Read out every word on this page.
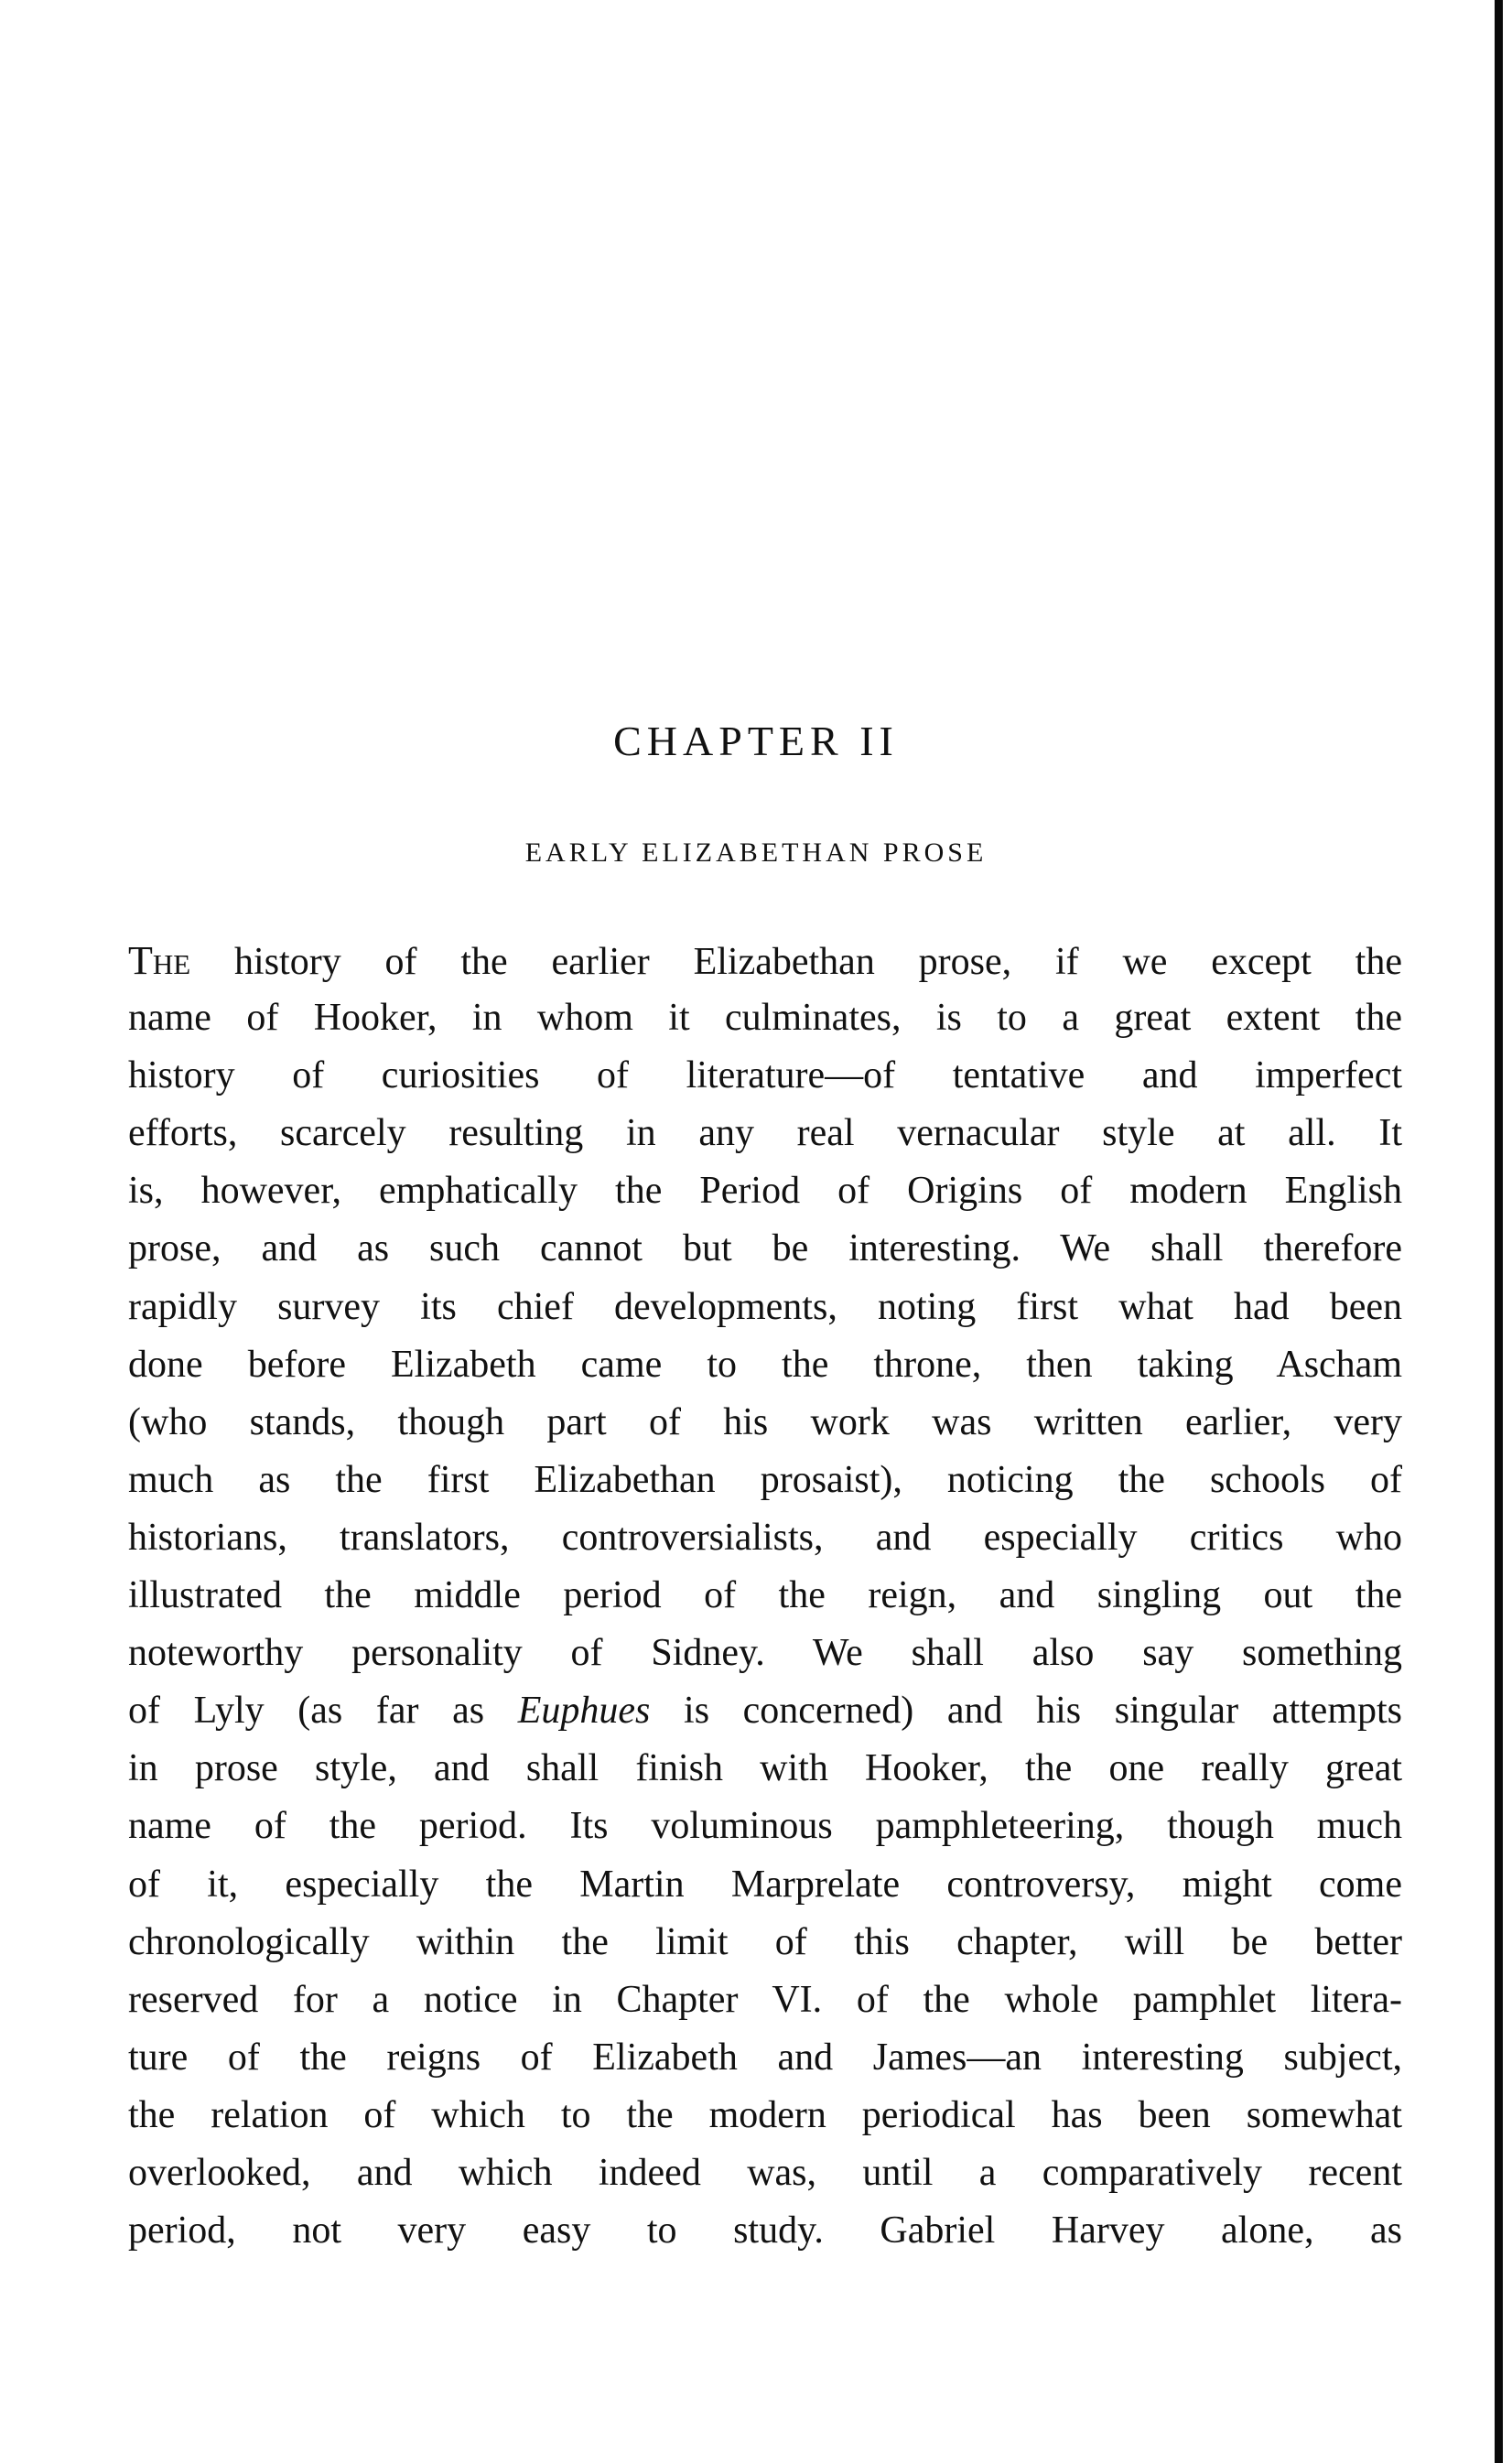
CHAPTER II
EARLY ELIZABETHAN PROSE
The history of the earlier Elizabethan prose, if we except the
name of Hooker, in whom it culminates, is to a great extent the
history of curiosities of literature—of tentative and imperfect
efforts, scarcely resulting in any real vernacular style at all. It
is, however, emphatically the Period of Origins of modern English
prose, and as such cannot but be interesting. We shall therefore
rapidly survey its chief developments, noting first what had been
done before Elizabeth came to the throne, then taking Ascham
(who stands, though part of his work was written earlier, very
much as the first Elizabethan prosaist), noticing the schools of
historians, translators, controversialists, and especially critics who
illustrated the middle period of the reign, and singling out the
noteworthy personality of Sidney. We shall also say something
of Lyly (as far as Euphues is concerned) and his singular attempts
in prose style, and shall finish with Hooker, the one really great
name of the period. Its voluminous pamphleteering, though much
of it, especially the Martin Marprelate controversy, might come
chronologically within the limit of this chapter, will be better
reserved for a notice in Chapter VI. of the whole pamphlet litera-
ture of the reigns of Elizabeth and James—an interesting subject,
the relation of which to the modern periodical has been somewhat
overlooked, and which indeed was, until a comparatively recent
period, not very easy to study. Gabriel Harvey alone, as
